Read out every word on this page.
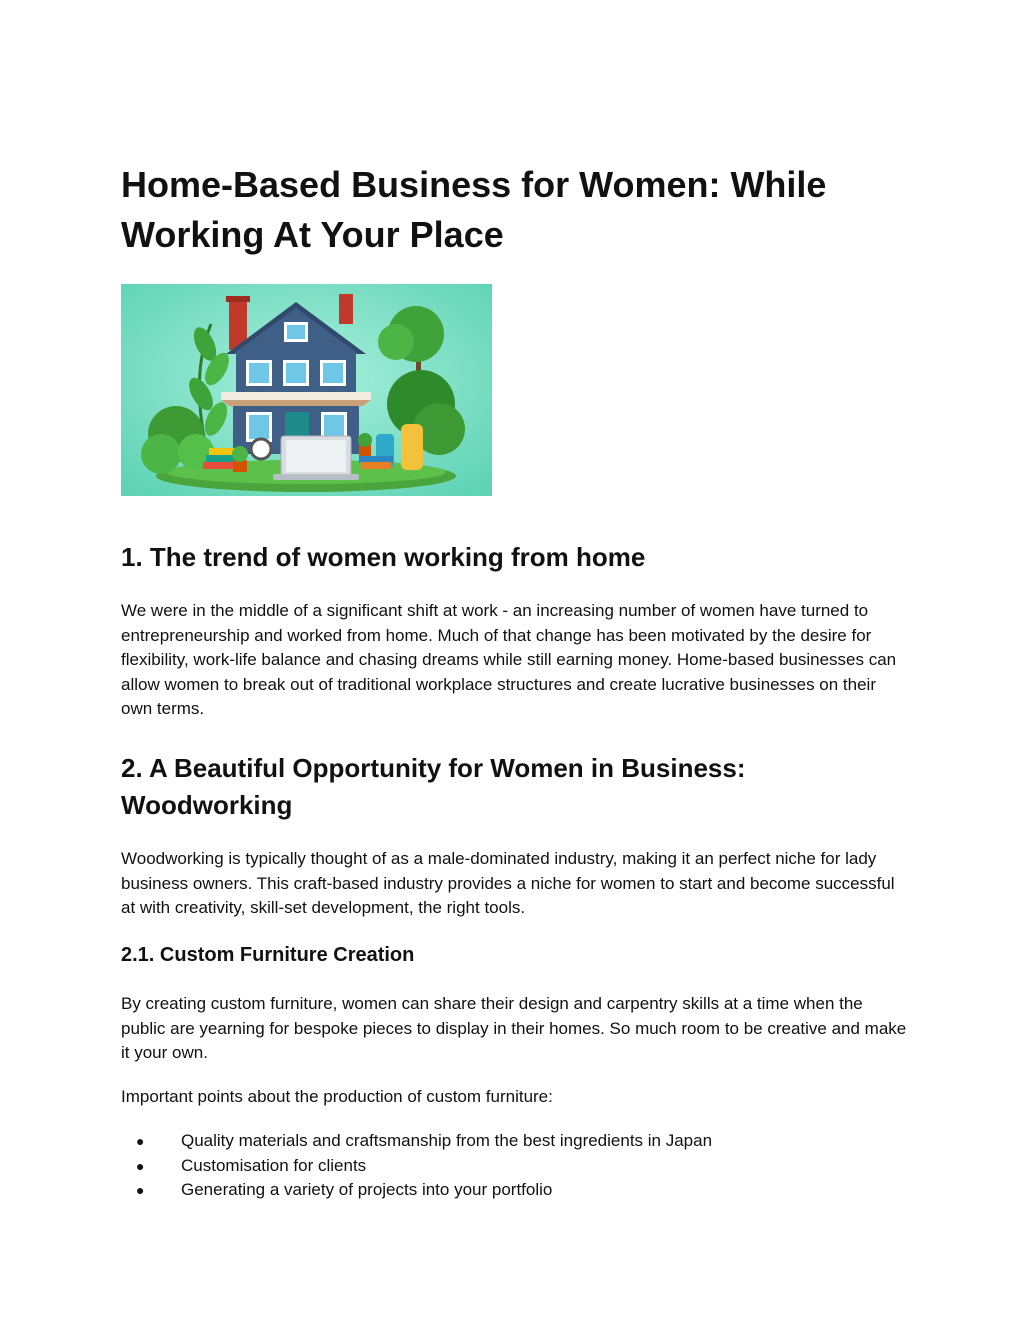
Home-Based Business for Women: While Working At Your Place
1. The trend of women working from home

We were in the middle of a significant shift at work - an increasing number of women have turned to entrepreneurship and worked from home. Much of that change has been motivated by the desire for flexibility, work-life balance and chasing dreams while still earning money. Home-based businesses can allow women to break out of traditional workplace structures and create lucrative businesses on their own terms.

2. A Beautiful Opportunity for Women in Business: Woodworking

Woodworking is typically thought of as a male-dominated industry, making it an perfect niche for lady business owners. This craft-based industry provides a niche for women to start and become successful at with creativity, skill-set development, the right tools.

2.1. Custom Furniture Creation

By creating custom furniture, women can share their design and carpentry skills at a time when the public are yearning for bespoke pieces to display in their homes. So much room to be creative and make it your own.

Important points about the production of custom furniture:

● Quality materials and craftsmanship from the best ingredients in Japan
● Customisation for clients
● Generating a variety of projects into your portfolio
